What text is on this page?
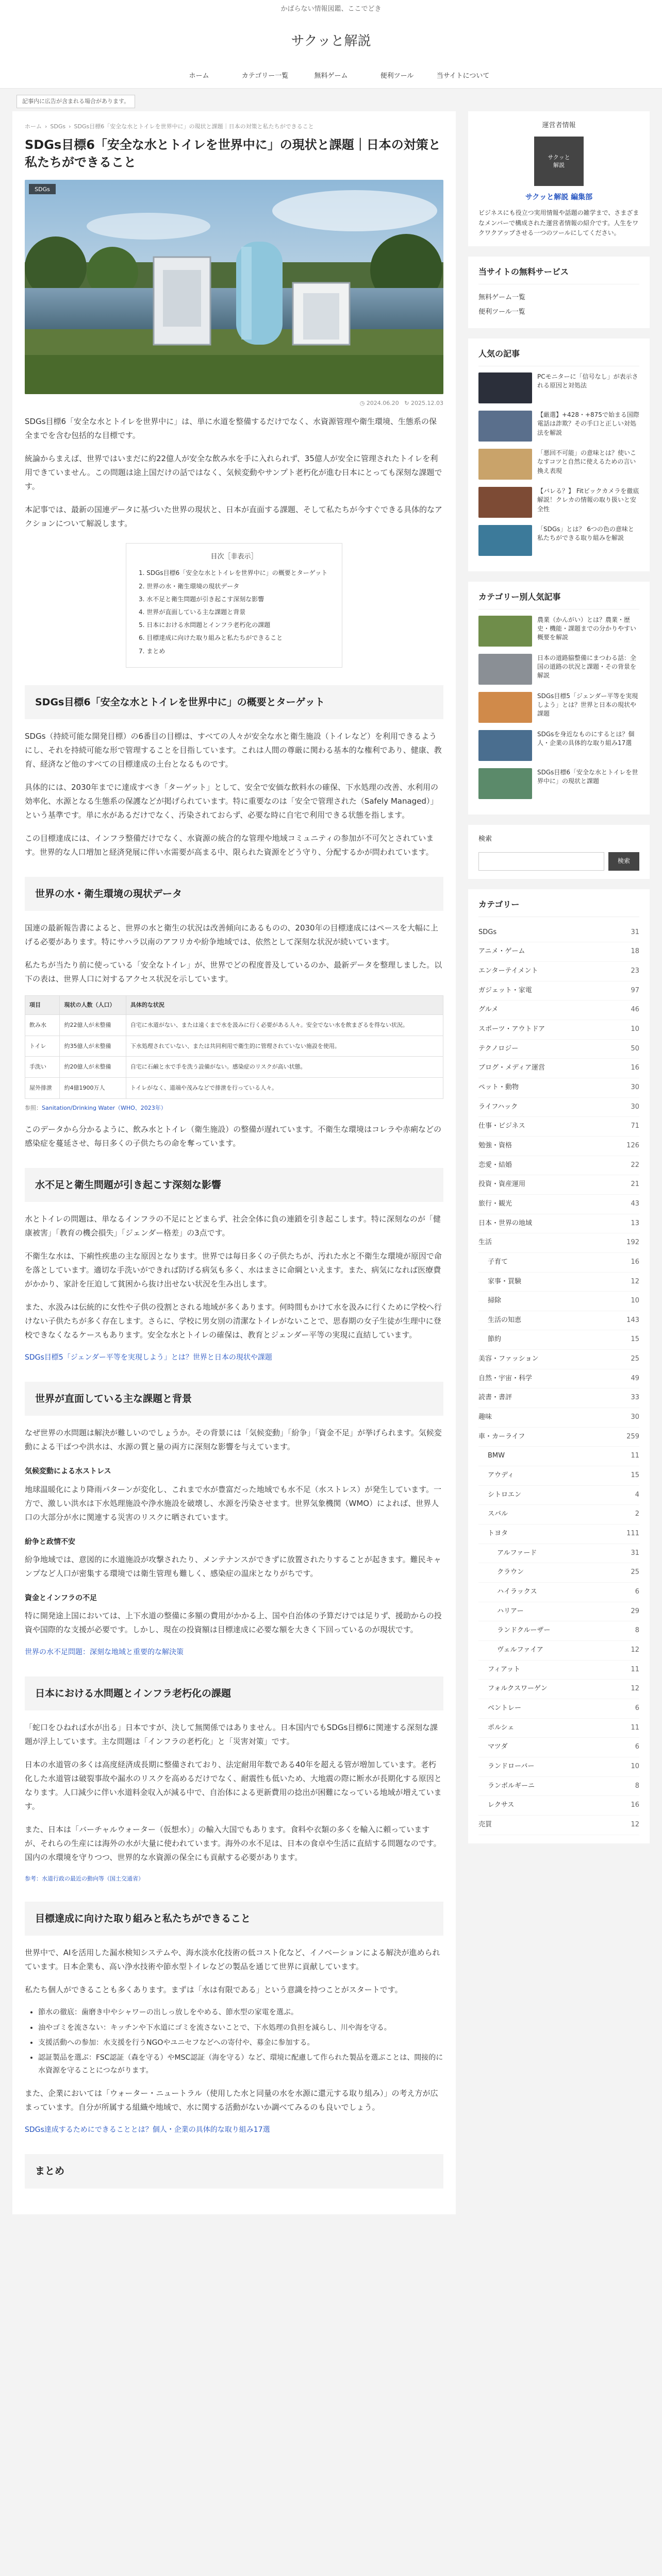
かばらない情報図鑑、ここでどき
サクッと解説
ホーム	カテゴリー一覧	無料ゲーム	便利ツール	当サイトについて
記事内に広告が含まれる場合があります。
ホーム › SDGs › SDGs目標6「安全な水とトイレを世界中に」の現状と課題｜日本の対策と私たちができること
SDGs目標6「安全な水とトイレを世界中に」の現状と課題｜日本の対策と私たちができること
SDGs
◷ 2024.06.20 ↻ 2025.12.03

SDGs目標6「安全な水とトイレを世界中に」は、単に水道を整備するだけでなく、水資源管理や衛生環境、生態系の保全までを含む包括的な目標です。

統論からまえば、世界ではいまだに約22億人が安全な飲み水を手に入れられず、35億人が安全に管理されたトイレを利用できていません。この問題は途上国だけの話ではなく、気候変動やサンプト老朽化が進む日本にとっても深刻な課題です。

本記事では、最新の国連データに基づいた世界の現状と、日本が直面する課題、そして私たちが今すぐできる具体的なアクションについて解説します。

目次［非表示］
1. SDGs目標6「安全な水とトイレを世界中に」の概要とターゲット
2. 世界の水・衛生環境の現状データ
3. 水不足と衛生問題が引き起こす深刻な影響
4. 世界が直面している主な課題と背景
5. 日本における水問題とインフラ老朽化の課題
6. 目標達成に向けた取り組みと私たちができること
7. まとめ
SDGs目標6「安全な水とトイレを世界中に」の概要とターゲット

SDGs（持続可能な開発目標）の6番目の目標は、すべての人々が安全な水と衛生施設（トイレなど）を利用できるようにし、それを持続可能な形で管理することを目指しています。これは人間の尊厳に関わる基本的な権利であり、健康、教育、経済など他のすべての目標達成の土台となるものです。

具体的には、2030年までに達成すべき「ターゲット」として、安全で安価な飲料水の確保、下水処理の改善、水利用の効率化、水源となる生態系の保護などが掲げられています。特に重要なのは「安全で管理された（Safely Managed）」という基準です。単に水があるだけでなく、汚染されておらず、必要な時に自宅で利用できる状態を指します。

この目標達成には、インフラ整備だけでなく、水資源の統合的な管理や地域コミュニティの参加が不可欠とされています。世界的な人口増加と経済発展に伴い水需要が高まる中、限られた資源をどう守り、分配するかが問われています。

世界の水・衛生環境の現状データ

国連の最新報告書によると、世界の水と衛生の状況は改善傾向にあるものの、2030年の目標達成にはペースを大幅に上げる必要があります。特にサハラ以南のアフリカや紛争地域では、依然として深刻な状況が続いています。

私たちが当たり前に使っている「安全なトイレ」が、世界でどの程度普及しているのか、最新データを整理しました。以下の表は、世界人口に対するアクセス状況を示しています。

項目	現状の人数（人口）	具体的な状況
飲み水	約22億人が未整備	自宅に水道がない、または遠くまで水を汲みに行く必要がある人々。安全でない水を飲まざるを得ない状況。
トイレ	約35億人が未整備	下水処理されていない、または共同利用で衛生的に管理されていない施設を使用。
手洗い	約20億人が未整備	自宅に石鹸と水で手を洗う設備がない。感染症のリスクが高い状態。
屋外排泄	約4億1900万人	トイレがなく、道端や茂みなどで排泄を行っている人々。
参照：Sanitation/Drinking Water（WHO、2023年）

このデータから分かるように、飲み水とトイレ（衛生施設）の整備が遅れています。不衛生な環境はコレラや赤痢などの感染症を蔓延させ、毎日多くの子供たちの命を奪っています。

水不足と衛生問題が引き起こす深刻な影響

水とトイレの問題は、単なるインフラの不足にとどまらず、社会全体に負の連鎖を引き起こします。特に深刻なのが「健康被害」「教育の機会損失」「ジェンダー格差」の3点です。

不衛生な水は、下痢性疾患の主な原因となります。世界では毎日多くの子供たちが、汚れた水と不衛生な環境が原因で命を落としています。適切な手洗いができれば防げる病気も多く、水はまさに命綱といえます。また、病気になれば医療費がかかり、家計を圧迫して貧困から抜け出せない状況を生み出します。

また、水汲みは伝統的に女性や子供の役割とされる地域が多くあります。何時間もかけて水を汲みに行くために学校へ行けない子供たちが多く存在します。さらに、学校に男女別の清潔なトイレがないことで、思春期の女子生徒が生理中に登校できなくなるケースもあります。安全な水とトイレの確保は、教育とジェンダー平等の実現に直結しています。

SDGs目標5「ジェンダー平等を実現しよう」とは？世界と日本の現状や課題
世界が直面している主な課題と背景

なぜ世界の水問題は解決が難しいのでしょうか。その背景には「気候変動」「紛争」「資金不足」が挙げられます。気候変動による干ばつや洪水は、水源の質と量の両方に深刻な影響を与えています。

気候変動による水ストレス

地球温暖化により降雨パターンが変化し、これまで水が豊富だった地域でも水不足（水ストレス）が発生しています。一方で、激しい洪水は下水処理施設や浄水施設を破壊し、水源を汚染させます。世界気象機関（WMO）によれば、世界人口の大部分が水に関連する災害のリスクに晒されています。

紛争と政情不安

紛争地域では、意図的に水道施設が攻撃されたり、メンテナンスができずに放置されたりすることが起きます。難民キャンプなど人口が密集する環境では衛生管理も難しく、感染症の温床となりがちです。

資金とインフラの不足

特に開発途上国においては、上下水道の整備に多額の費用がかかる上、国や自治体の予算だけでは足りず、援助からの投資や国際的な支援が必要です。しかし、現在の投資額は目標達成に必要な額を大きく下回っているのが現状です。

世界の水不足問題：深刻な地域と重要的な解決策
日本における水問題とインフラ老朽化の課題

「蛇口をひねれば水が出る」日本ですが、決して無関係ではありません。日本国内でもSDGs目標6に関連する深刻な課題が浮上しています。主な問題は「インフラの老朽化」と「災害対策」です。

日本の水道管の多くは高度経済成長期に整備されており、法定耐用年数である40年を超える管が増加しています。老朽化した水道管は破裂事故や漏水のリスクを高めるだけでなく、耐震性も低いため、大地震の際に断水が長期化する原因となります。人口減少に伴い水道料金収入が減る中で、自治体による更新費用の捻出が困難になっている地域が増えています。

また、日本は「バーチャルウォーター（仮想水）」の輸入大国でもあります。食料や衣類の多くを輸入に頼っていますが、それらの生産には海外の水が大量に使われています。海外の水不足は、日本の食卓や生活に直結する問題なのです。国内の水環境を守りつつ、世界的な水資源の保全にも貢献する必要があります。

参考：水道行政の最近の動向等（国土交通省）
目標達成に向けた取り組みと私たちができること

世界中で、AIを活用した漏水検知システムや、海水淡水化技術の低コスト化など、イノベーションによる解決が進められています。日本企業も、高い浄水技術や節水型トイレなどの製品を通じて世界に貢献しています。

私たち個人ができることも多くあります。まずは「水は有限である」という意識を持つことがスタートです。

• 節水の徹底：歯磨き中やシャワーの出しっ放しをやめる、節水型の家電を選ぶ。
• 油やゴミを流さない：キッチンや下水道にゴミを流さないことで、下水処理の負担を減らし、川や海を守る。
• 支援活動への参加：水支援を行うNGOやユニセフなどへの寄付や、募金に参加する。
• 認証製品を選ぶ：FSC認証（森を守る）やMSC認証（海を守る）など、環境に配慮して作られた製品を選ぶことは、間接的に水資源を守ることにつながります。

また、企業においては「ウォーター・ニュートラル（使用した水と同量の水を水源に還元する取り組み）」の考え方が広まっています。自分が所属する組織や地域で、水に関する活動がないか調べてみるのも良いでしょう。

SDGs達成するためにできることとは？個人・企業の具体的な取り組み17選
まとめ
運営者情報
サクッと
解説
サクッと解説 編集部
ビジネスにも役立つ実用情報や話題の雑学まで、さまざまなメンバーで構成された運営者情報の紹介です。人生をワクワクアップさせる一つのツールにしてください。
当サイトの無料サービス
無料ゲーム一覧
便利ツール一覧
人気の記事
PCモニターに「信号なし」が表示される原因と対処法
【厳選】+428・+875で始まる国際電話は詐欺？その手口と正しい対処法を解説
「悪回不可能」の意味とは？使いこなすコツと自然に使えるための言い換え表現
【バレる？】 Fitビックカメラを徹底解説！クレカの情報の取り扱いと安全性
「SDGs」とは？ 6つの色の意味と私たちができる取り組みを解説
カテゴリー別人気記事
農業（かんがい）とは？農業・歴史・機能・課題までの分かりやすい概要を解説
日本の道路脇整備にまつわる話：全国の道路の状況と課題・その背景を解説
SDGs目標5「ジェンダー平等を実現しよう」とは？世界と日本の現状や課題
SDGsを身近なものにするとは？個人・企業の具体的な取り組み17選
SDGs目標6「安全な水とトイレを世界中に」の現状と課題
検索
検索
カテゴリー
SDGs	31
アニメ・ゲーム	18
エンターテイメント	23
ガジェット・家電	97
グルメ	46
スポーツ・アウトドア	10
テクノロジー	50
ブログ・メディア運営	16
ペット・動物	30
ライフハック	30
仕事・ビジネス	71
勉強・資格	126
恋愛・結婚	22
投資・資産運用	21
旅行・観光	43
日本・世界の地域	13
生活	192
子育て	16
家事・買験	12
掃除	10
生活の知恵	143
節約	15
美容・ファッション	25
自然・宇宙・科学	49
読書・書評	33
趣味	30
車・カーライフ	259
BMW	11
アウディ	15
シトロエン	4
スバル	2
トヨタ	111
アルファード	31
クラウン	25
ハイラックス	6
ハリアー	29
ランドクルーザー	8
ヴェルファイア	12
フィアット	11
フォルクスワーゲン	12
ベントレー	6
ポルシェ	11
マツダ	6
ランドローバー	10
ランボルギーニ	8
レクサス	16
売買	12
